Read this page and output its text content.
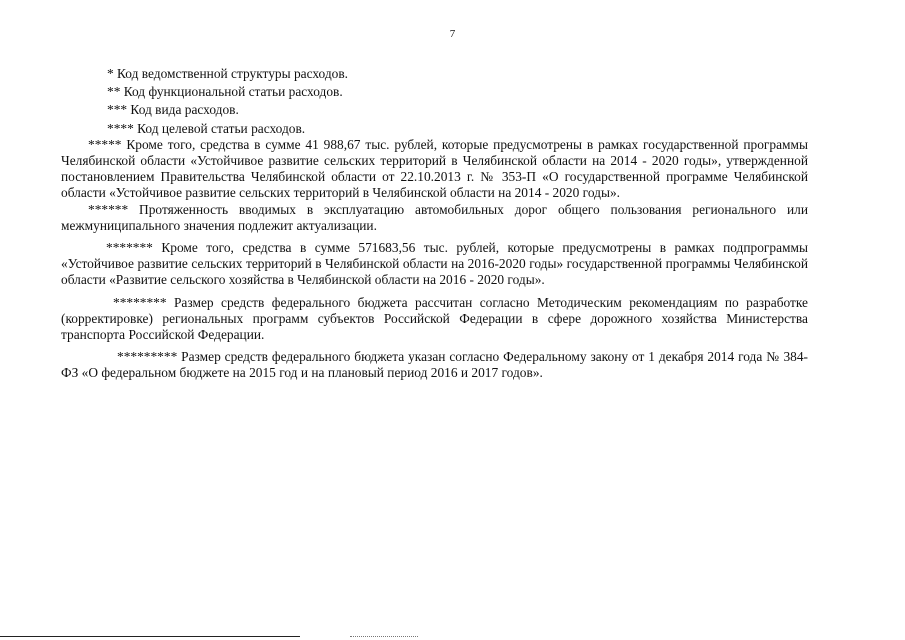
7

* Код ведомственной структуры расходов.

** Код функциональной статьи расходов.

*** Код вида расходов.

**** Код целевой статьи расходов.

***** Кроме того, средства в сумме 41 988,67 тыс. рублей, которые предусмотрены в рамках государственной программы Челябинской области «Устойчивое развитие сельских территорий в Челябинской области на 2014 - 2020 годы», утвержденной постановлением Правительства Челябинской области от 22.10.2013 г. № 353-П «О государственной программе Челябинской области «Устойчивое развитие сельских территорий в Челябинской области на 2014 - 2020 годы».

****** Протяженность вводимых в эксплуатацию автомобильных дорог общего пользования регионального или межмуниципального значения подлежит актуализации.

******* Кроме того, средства в сумме 571683,56 тыс. рублей, которые предусмотрены в рамках подпрограммы «Устойчивое развитие сельских территорий в Челябинской области на 2016-2020 годы» государственной программы Челябинской области «Развитие сельского хозяйства в Челябинской области на 2016 - 2020 годы».

******** Размер средств федерального бюджета рассчитан согласно Методическим рекомендациям по разработке (корректировке) региональных программ субъектов Российской Федерации в сфере дорожного хозяйства Министерства транспорта Российской Федерации.

********* Размер средств федерального бюджета указан согласно Федеральному закону от 1 декабря 2014 года № 384-ФЗ «О федеральном бюджете на 2015 год и на плановый период 2016 и 2017 годов».
